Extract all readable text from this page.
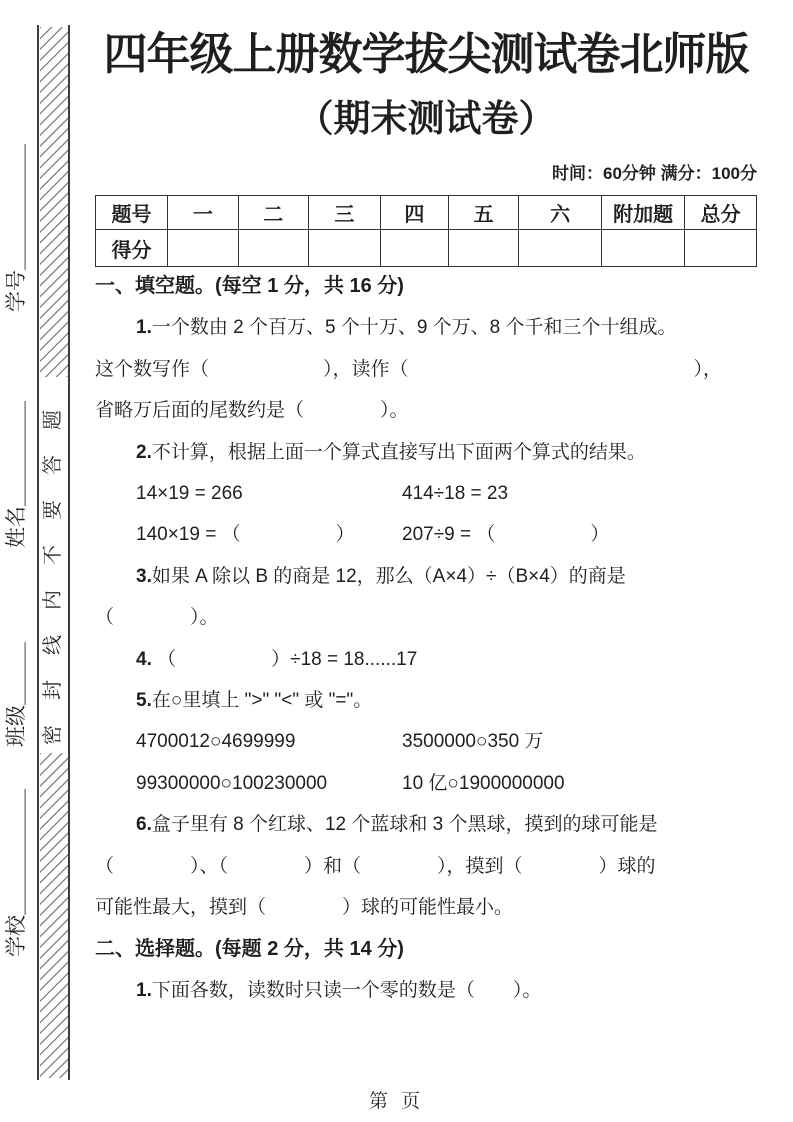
密封线内不要答题
学号＿＿＿＿＿＿
姓名＿＿＿＿＿
班级＿＿＿
学校＿＿＿＿＿＿
四年级上册数学拔尖测试卷北师版
（期末测试卷）
时间：60分钟 满分：100分
题号	一	二	三	四	五	六	附加题	总分
得分								
一、填空题。(每空 1 分，共 16 分)
1.一个数由 2 个百万、5 个十万、9 个万、8 个千和三个十组成。
这个数写作（　　　　　　），读作（　　　　　　　　　　　　　　　），
省略万后面的尾数约是（　　　　）。
2.不计算，根据上面一个算式直接写出下面两个算式的结果。
14×19 = 266	414÷18 = 23
140×19 = （　　　　　） 207÷9 = （　　　　　）
3.如果 A 除以 B 的商是 12，那么（A×4）÷（B×4）的商是
（　　　　）。
4. （　　　　　）÷18 = 18......17
5.在○里填上 ">" "<" 或 "="。
4700012○4699999	3500000○350 万
99300000○100230000	10 亿○1900000000
6.盒子里有 8 个红球、12 个蓝球和 3 个黑球，摸到的球可能是
（　　　　）、（　　　　）和（　　　　），摸到（　　　　）球的
可能性最大，摸到（　　　　）球的可能性最小。
二、选择题。(每题 2 分，共 14 分)
1.下面各数，读数时只读一个零的数是（　　）。
第 页
